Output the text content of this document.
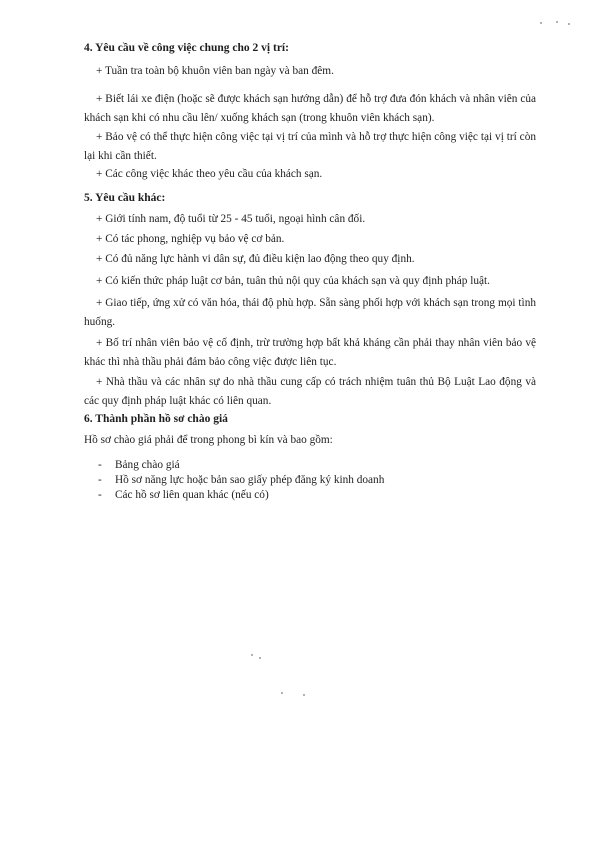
4. Yêu cầu về công việc chung cho 2 vị trí:
+ Tuần tra toàn bộ khuôn viên ban ngày và ban đêm.
+ Biết lái xe điện (hoặc sẽ được khách sạn hướng dẫn) để hỗ trợ đưa đón khách và nhân viên của khách sạn khi có nhu cầu lên/ xuống khách sạn (trong khuôn viên khách sạn).
+ Bảo vệ có thể thực hiện công việc tại vị trí của mình và hỗ trợ thực hiện công việc tại vị trí còn lại khi cần thiết.
+ Các công việc khác theo yêu cầu của khách sạn.
5. Yêu cầu khác:
+ Giới tính nam, độ tuổi từ 25 - 45 tuổi, ngoại hình cân đối.
+ Có tác phong, nghiệp vụ bảo vệ cơ bản.
+ Có đủ năng lực hành vi dân sự, đủ điều kiện lao động theo quy định.
+ Có kiến thức pháp luật cơ bản, tuân thủ nội quy của khách sạn và quy định pháp luật.
+ Giao tiếp, ứng xử có văn hóa, thái độ phù hợp. Sẵn sàng phối hợp với khách sạn trong mọi tình huống.
+ Bố trí nhân viên bảo vệ cố định, trừ trường hợp bất khả kháng cần phải thay nhân viên bảo vệ khác thì nhà thầu phải đảm bảo công việc được liên tục.
+ Nhà thầu và các nhân sự do nhà thầu cung cấp có trách nhiệm tuân thủ Bộ Luật Lao động và các quy định pháp luật khác có liên quan.
6. Thành phần hồ sơ chào giá
Hồ sơ chào giá phải để trong phong bì kín và bao gồm:
- Bảng chào giá
- Hồ sơ năng lực hoặc bản sao giấy phép đăng ký kinh doanh
- Các hồ sơ liên quan khác (nếu có)
